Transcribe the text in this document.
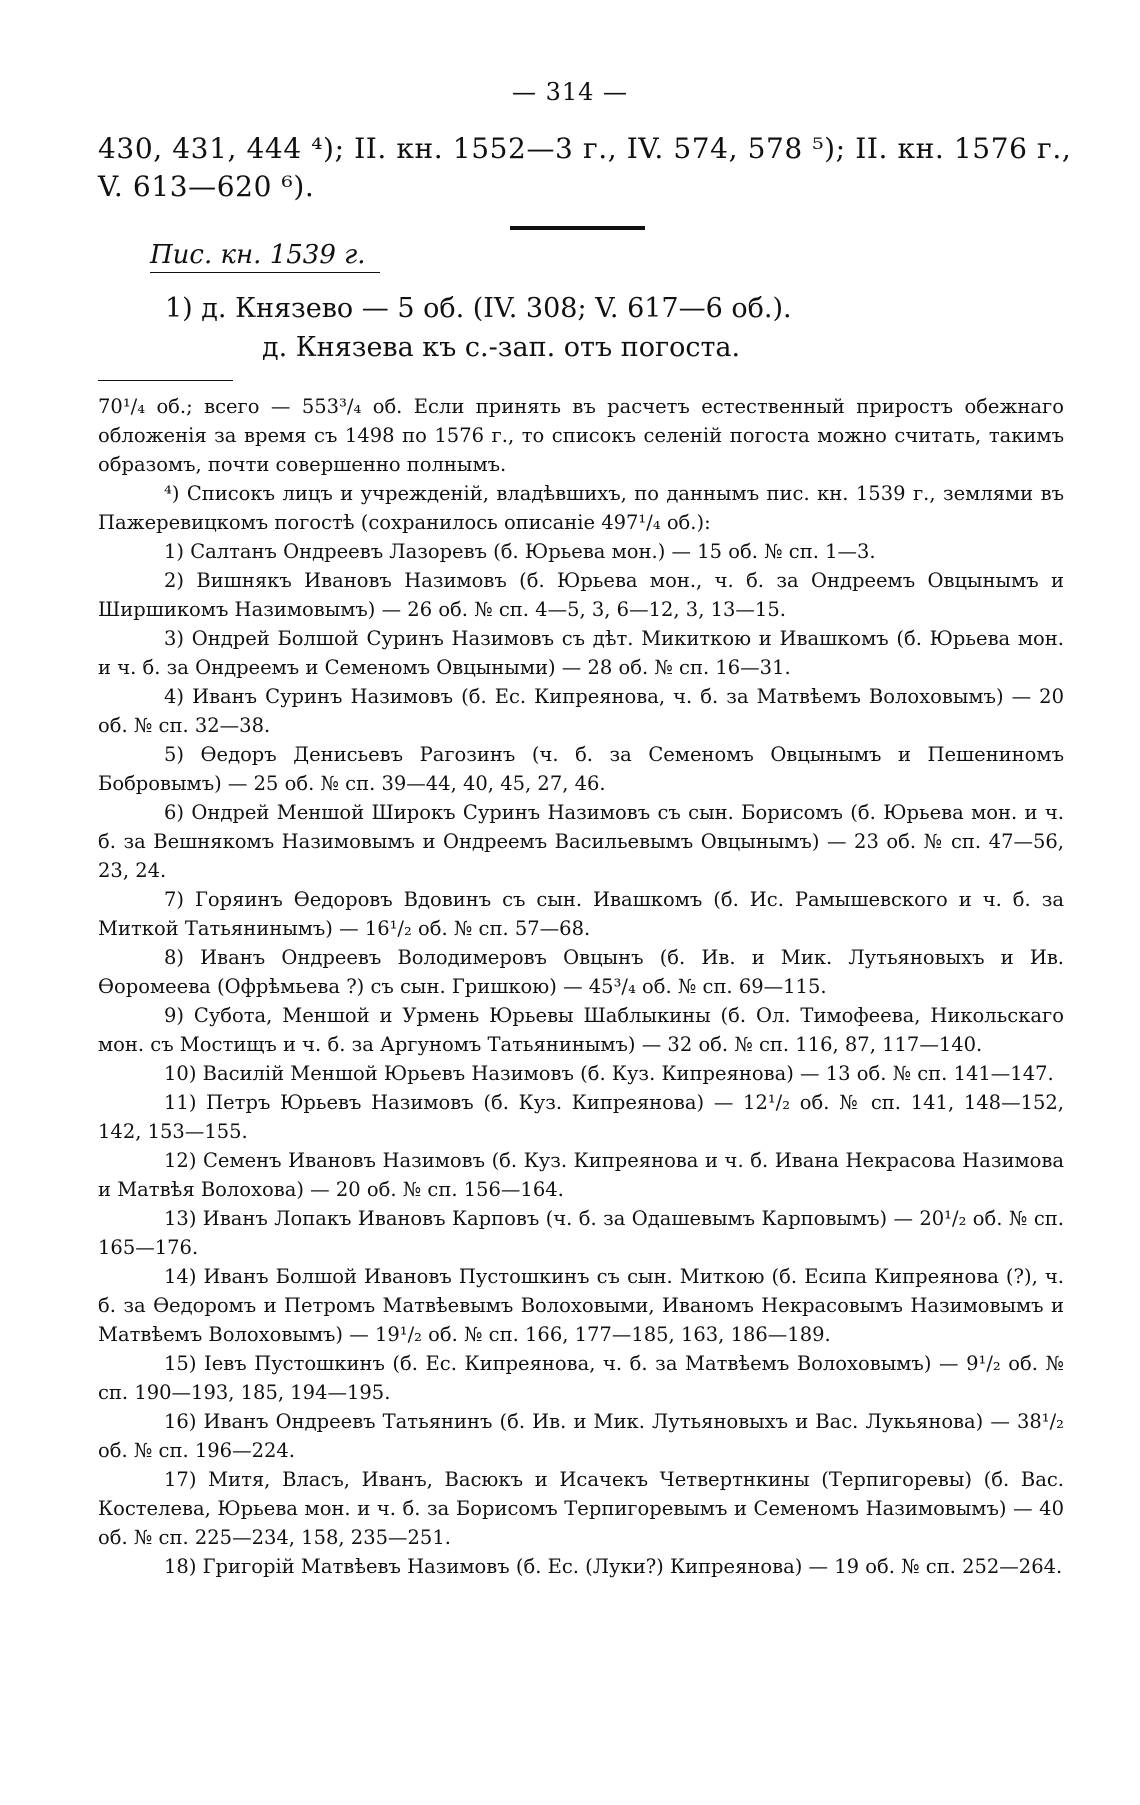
— 314 —
430, 431, 444 ⁴); II. кн. 1552—3 г., IV. 574, 578 ⁵); II. кн. 1576 г.,
V. 613—620 ⁶).
Пис. кн. 1539 г.
1) д. Князево — 5 об. (IV. 308; V. 617—6 об.).
д. Князева къ с.-зап. отъ погоста.

70¹/₄ об.; всего — 553³/₄ об. Если принять въ расчетъ естественный приростъ обежнаго обложенія за время съ 1498 по 1576 г., то списокъ селеній погоста можно считать, такимъ образомъ, почти совершенно полнымъ.

⁴) Списокъ лицъ и учрежденій, владѣвшихъ, по даннымъ пис. кн. 1539 г., землями въ Пажеревицкомъ погостѣ (сохранилось описаніе 497¹/₄ об.):

1) Салтанъ Ондреевъ Лазоревъ (б. Юрьева мон.) — 15 об. № сп. 1—3.

2) Вишнякъ Ивановъ Назимовъ (б. Юрьева мон., ч. б. за Ондреемъ Овцынымъ и Ширшикомъ Назимовымъ) — 26 об. № сп. 4—5, 3, 6—12, 3, 13—15.

3) Ондрей Болшой Суринъ Назимовъ съ дѣт. Микиткою и Ивашкомъ (б. Юрьева мон. и ч. б. за Ондреемъ и Семеномъ Овцыными) — 28 об. № сп. 16—31.

4) Иванъ Суринъ Назимовъ (б. Ес. Кипреянова, ч. б. за Матвѣемъ Волоховымъ) — 20 об. № сп. 32—38.

5) Өедоръ Денисьевъ Рагозинъ (ч. б. за Семеномъ Овцынымъ и Пешениномъ Бобровымъ) — 25 об. № сп. 39—44, 40, 45, 27, 46.

6) Ондрей Меншой Широкъ Суринъ Назимовъ съ сын. Борисомъ (б. Юрьева мон. и ч. б. за Вешнякомъ Назимовымъ и Ондреемъ Васильевымъ Овцынымъ) — 23 об. № сп. 47—56, 23, 24.

7) Горяинъ Өедоровъ Вдовинъ съ сын. Ивашкомъ (б. Ис. Рамышевского и ч. б. за Миткой Татьянинымъ) — 16¹/₂ об. № сп. 57—68.

8) Иванъ Ондреевъ Володимеровъ Овцынъ (б. Ив. и Мик. Лутьяновыхъ и Ив. Өоромеева (Офрѣмьева ?) съ сын. Гришкою) — 45³/₄ об. № сп. 69—115.

9) Субота, Меншой и Урмень Юрьевы Шаблыкины (б. Ол. Тимофеева, Никольскаго мон. съ Мостищъ и ч. б. за Аргуномъ Татьянинымъ) — 32 об. № сп. 116, 87, 117—140.

10) Василій Меншой Юрьевъ Назимовъ (б. Куз. Кипреянова) — 13 об. № сп. 141—147.

11) Петръ Юрьевъ Назимовъ (б. Куз. Кипреянова) — 12¹/₂ об. № сп. 141, 148—152, 142, 153—155.

12) Семенъ Ивановъ Назимовъ (б. Куз. Кипреянова и ч. б. Ивана Некрасова Назимова и Матвѣя Волохова) — 20 об. № сп. 156—164.

13) Иванъ Лопакъ Ивановъ Карповъ (ч. б. за Одашевымъ Карповымъ) — 20¹/₂ об. № сп. 165—176.

14) Иванъ Болшой Ивановъ Пустошкинъ съ сын. Миткою (б. Есипа Кипреянова (?), ч. б. за Өедоромъ и Петромъ Матвѣевымъ Волоховыми, Иваномъ Некрасовымъ Назимовымъ и Матвѣемъ Волоховымъ) — 19¹/₂ об. № сп. 166, 177—185, 163, 186—189.

15) Іевъ Пустошкинъ (б. Ес. Кипреянова, ч. б. за Матвѣемъ Волоховымъ) — 9¹/₂ об. № сп. 190—193, 185, 194—195.

16) Иванъ Ондреевъ Татьянинъ (б. Ив. и Мик. Лутьяновыхъ и Вас. Лукьянова) — 38¹/₂ об. № сп. 196—224.

17) Митя, Власъ, Иванъ, Васюкъ и Исачекъ Четвертнкины (Терпигоревы) (б. Вас. Костелева, Юрьева мон. и ч. б. за Борисомъ Терпигоревымъ и Семеномъ Назимовымъ) — 40 об. № сп. 225—234, 158, 235—251.

18) Григорій Матвѣевъ Назимовъ (б. Ес. (Луки?) Кипреянова) — 19 об. № сп. 252—264.
